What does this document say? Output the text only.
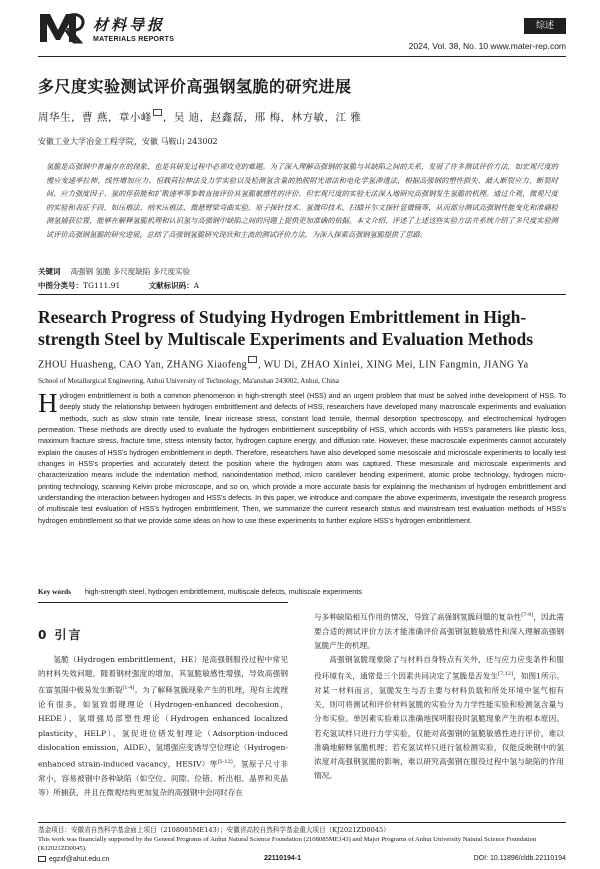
材料导报
MATERIALS REPORTS
综述
2024, Vol. 38, No. 10 www.mater-rep.com
多尺度实验测试评价高强钢氢脆的研究进展
周华生，曹 燕，章小峰 ，吴 迪，赵鑫磊，邢 梅，林方敏，江 雅
安徽工业大学冶金工程学院，安徽 马鞍山 243002
氢脆是高强钢中普遍存在的现象，也是其研发过程中必须攻克的难题。为了深入理解高强钢的氢脆与其缺陷之间的关系，发展了许多测试评价方法，如宏观尺度的慢应变速率拉伸、线性增加应力、恒载荷拉伸法及力学实验以及检测氢含量的热脱附光谱法和电化学氢渗透法，根据高强钢的塑性损失、最大断裂应力、断裂时间、应力强度因子、氢的俘获能和扩散速率等参数直接评价其氢脆敏感性的评价。但宏观尺度的实验无法深入地研究高强钢发生氢脆的机理。通过介观、微观尺度的实验和表征手段，如压痕法、纳米压痕法、微悬臂梁弯曲实验、原子探针技术、氢微印技术、扫描开尔文探针显微镜等，从而部分测试高强钢性能变化和准确检测氢捕获位置，能够在解释氢脆机理和认识氢与高强钢中缺陷之间的问题上提供更加准确的依据。本文介绍、评述了上述这些实验方法并系统介绍了多尺度实验测试评价高强钢氢脆的研究进展，总结了高强钢氢脆研究现状和主流的测试评价方法，为深入探索高强钢氢脆提供了思路。
关键词 高强钢 氢脆 多尺度缺陷 多尺度实验
中图分类号：TG111.91	文献标识码：A
Research Progress of Studying Hydrogen Embrittlement in High-strength Steel by Multiscale Experiments and Evaluation Methods
ZHOU Huasheng, CAO Yan, ZHANG Xiaofeng , WU Di, ZHAO Xinlei, XING Mei, LIN Fangmin, JIANG Ya
School of Metallurgical Engineering, Anhui University of Technology, Ma'anshan 243002, Anhui, China
Hydrogen embrittlement is both a common phenomenon in high-strength steel (HSS) and an urgent problem that must be solved inthe development of HSS. To deeply study the relationship between hydrogen embrittlement and defects of HSS, researchers have developed many macroscale experiments and evaluation methods, such as slow strain rate tensile, linear increase stress, constant load tensile, thermal desorption spectroscopy, and electrochemical hydrogen permeation. These methods are directly used to evaluate the hydrogen embrittlement susceptibility of HSS, which accords with HSS's parameters like plastic loss, maximum fracture stress, fracture time, stress intensity factor, hydrogen capture energy, and diffusion rate. However, these macroscale experiments cannot accurately explain the causes of HSS's hydrogen embrittlement in depth. Therefore, researchers have also developed some mesoscale and microscale experiments to locally test changes in HSS's properties and accurately detect the position where the hydrogen atom was captured. These mesoscale and microscale experiments and characterization means include the indentation method, nanoindentation method, micro cantilever bending experiment, atomic probe technology, hydrogen micro-printing technology, scanning Kelvin probe microscope, and so on, which provide a more accurate basis for explaining the mechanism of hydrogen embrittlement and understanding the interaction between hydrogen and HSS's defects. In this paper, we introduce and compare the above experiments, investigate the research progress of multiscale test evaluation of HSS's hydrogen embrittlement. Then, we summarize the current research status and mainstream test evaluation methods of HSS's hydrogen embrittlement so that we provide some ideas on how to use these experiments to further explore HSS's hydrogen embrittlement.
Key words high-strength steel, hydrogen embrittlement, multiscale defects, multiscale experiments
0 引言

氢脆（Hydrogen embrittlement，HE）是高强钢服役过程中常见的材料失效问题，随着钢材强度的增加，其氢脆敏感性增强，导致高强钢在富氢围中极易发生断裂[1-4]。为了解释氢脆现象产生的机理，现有主流理论有很多，如氢致弱键理论（Hydrogen-enhanced decohesion，HEDE）、氢增强局部塑性理论（Hydrogen enhanced localized plasticity，HELP）、氢促进位错发射理论（Adsorption-induced dislocation emission，AIDE）、氢增强应变诱导空位理论（Hydrogen-enhanced strain-induced vacancy，HESIV）等[5-12]。氢原子尺寸非常小，容易被钢中各种缺陷（如空位、间隙、位错、析出相、晶界和夹晶等）所捕获，并且在微观结构更加复杂的高强钢中会同时存在

与多种缺陷相互作用的情况，导致了高强钢氢脆问题的复杂性[7-9]，因此需要合适的测试评价方法才能准确评价高强钢氢脆敏感性和深入理解高强钢氢脆产生的机理。

高强钢氢脆现象除了与材料自身特点有关外，还与应力应变条件和服役环境有关，通常是三个因素共同决定了氢脆是否发生[7,12]，如图1所示。对某一材料而言，氢脆发生与否主要与材料负载和所处环境中氢气相有关，则可将测试和评价材料氢脆的实验分为力学性能实验和检测氢含量与分布实验。单因素实验难以准确地探明服役时氢脆现象产生的根本原因。若充氢试样只进行力学实验，仅能对高强钢的氢脆敏感性进行评价，难以准确地解释氢脆机理；若充氢试样只进行氢检测实验，仅能反映钢中的氢浓度对高强钢氢脆的影响，难以研究高强钢在服役过程中氢与缺陷的作用情况。

基金项目：安徽省自然科学基金面上项目（2108085ME143）；安徽省高校自然科学基金重大项目（KJ2021ZD0045）
This work was financially supported by the General Programs of Anhui Natural Science Foundation (2108085ME143) and Major Programs of Anhui University Natural Science Foundation (KJ2021ZD0045).
egzxf@ahut.edu.cn	22110194-1	DOI: 10.11896/cldb.22110194
